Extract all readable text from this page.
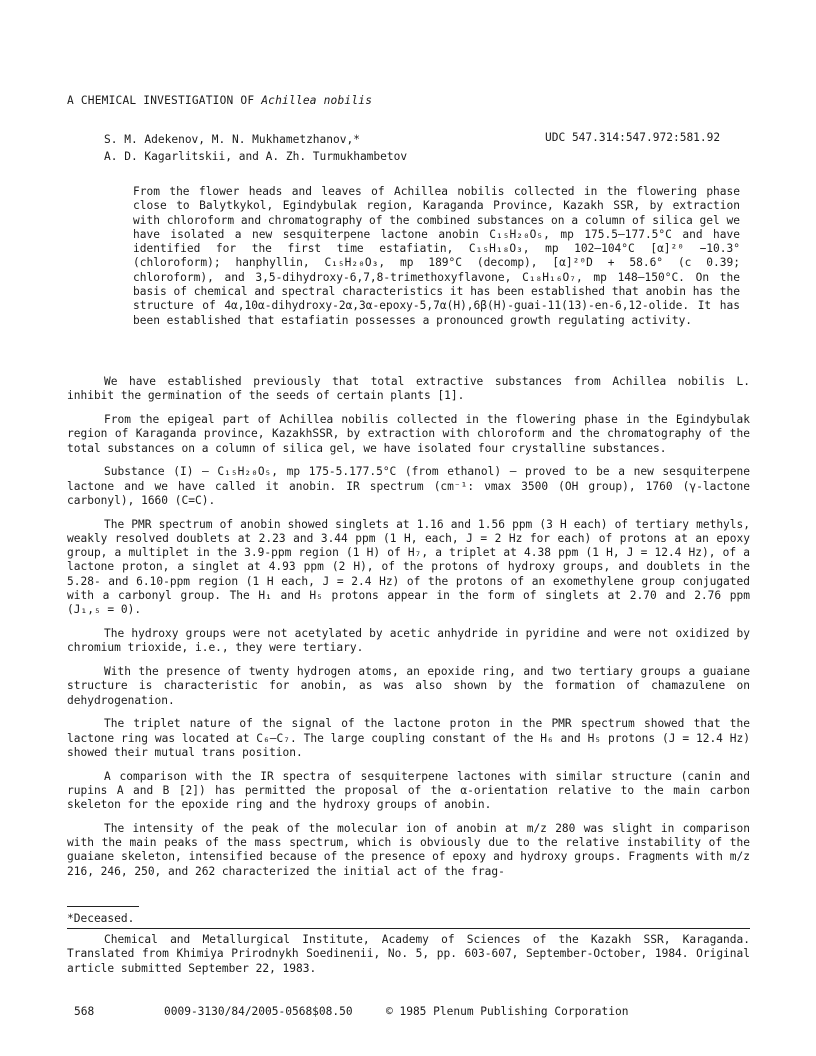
A CHEMICAL INVESTIGATION OF Achillea nobilis
S. M. Adekenov, M. N. Mukhametzhanov,*
A. D. Kagarlitskii, and A. Zh. Turmukhambetov
UDC 547.314:547.972:581.92
From the flower heads and leaves of Achillea nobilis collected in the flowering phase close to Balytkykol, Egindybulak region, Karaganda Province, Kazakh SSR, by extraction with chloroform and chromatography of the combined substances on a column of silica gel we have isolated a new sesquiterpene lactone anobin C₁₅H₂₀O₅, mp 175.5–177.5°C and have identified for the first time estafiatin, C₁₅H₁₈O₃, mp 102–104°C [α]²⁰ −10.3° (chloroform); hanphyllin, C₁₅H₂₀O₃, mp 189°C (decomp), [α]²⁰D + 58.6° (c 0.39; chloroform), and 3,5-dihydroxy-6,7,8-trimethoxyflavone, C₁₈H₁₆O₇, mp 148–150°C. On the basis of chemical and spectral characteristics it has been established that anobin has the structure of 4α,10α-dihydroxy-2α,3α-epoxy-5,7α(H),6β(H)-guai-11(13)-en-6,12-olide. It has been established that estafiatin possesses a pronounced growth regulating activity.

We have established previously that total extractive substances from Achillea nobilis L. inhibit the germination of the seeds of certain plants [1].

From the epigeal part of Achillea nobilis collected in the flowering phase in the Egindybulak region of Karaganda province, KazakhSSR, by extraction with chloroform and the chromatography of the total substances on a column of silica gel, we have isolated four crystalline substances.

Substance (I) — C₁₅H₂₀O₅, mp 175-5.177.5°C (from ethanol) — proved to be a new sesquiterpene lactone and we have called it anobin. IR spectrum (cm⁻¹: νmax 3500 (OH group), 1760 (γ-lactone carbonyl), 1660 (C=C).

The PMR spectrum of anobin showed singlets at 1.16 and 1.56 ppm (3 H each) of tertiary methyls, weakly resolved doublets at 2.23 and 3.44 ppm (1 H, each, J = 2 Hz for each) of protons at an epoxy group, a multiplet in the 3.9-ppm region (1 H) of H₇, a triplet at 4.38 ppm (1 H, J = 12.4 Hz), of a lactone proton, a singlet at 4.93 ppm (2 H), of the protons of hydroxy groups, and doublets in the 5.28- and 6.10-ppm region (1 H each, J = 2.4 Hz) of the protons of an exomethylene group conjugated with a carbonyl group. The H₁ and H₅ protons appear in the form of singlets at 2.70 and 2.76 ppm (J₁,₅ = 0).

The hydroxy groups were not acetylated by acetic anhydride in pyridine and were not oxidized by chromium trioxide, i.e., they were tertiary.

With the presence of twenty hydrogen atoms, an epoxide ring, and two tertiary groups a guaiane structure is characteristic for anobin, as was also shown by the formation of chamazulene on dehydrogenation.

The triplet nature of the signal of the lactone proton in the PMR spectrum showed that the lactone ring was located at C₆–C₇. The large coupling constant of the H₆ and H₅ protons (J = 12.4 Hz) showed their mutual trans position.

A comparison with the IR spectra of sesquiterpene lactones with similar structure (canin and rupins A and B [2]) has permitted the proposal of the α-orientation relative to the main carbon skeleton for the epoxide ring and the hydroxy groups of anobin.

The intensity of the peak of the molecular ion of anobin at m/z 280 was slight in comparison with the main peaks of the mass spectrum, which is obviously due to the relative instability of the guaiane skeleton, intensified because of the presence of epoxy and hydroxy groups. Fragments with m/z 216, 246, 250, and 262 characterized the initial act of the frag-

*Deceased.
Chemical and Metallurgical Institute, Academy of Sciences of the Kazakh SSR, Karaganda. Translated from Khimiya Prirodnykh Soedinenii, No. 5, pp. 603-607, September-October, 1984. Original article submitted September 22, 1983.
568	0009-3130/84/2005-0568$08.50	© 1985 Plenum Publishing Corporation
